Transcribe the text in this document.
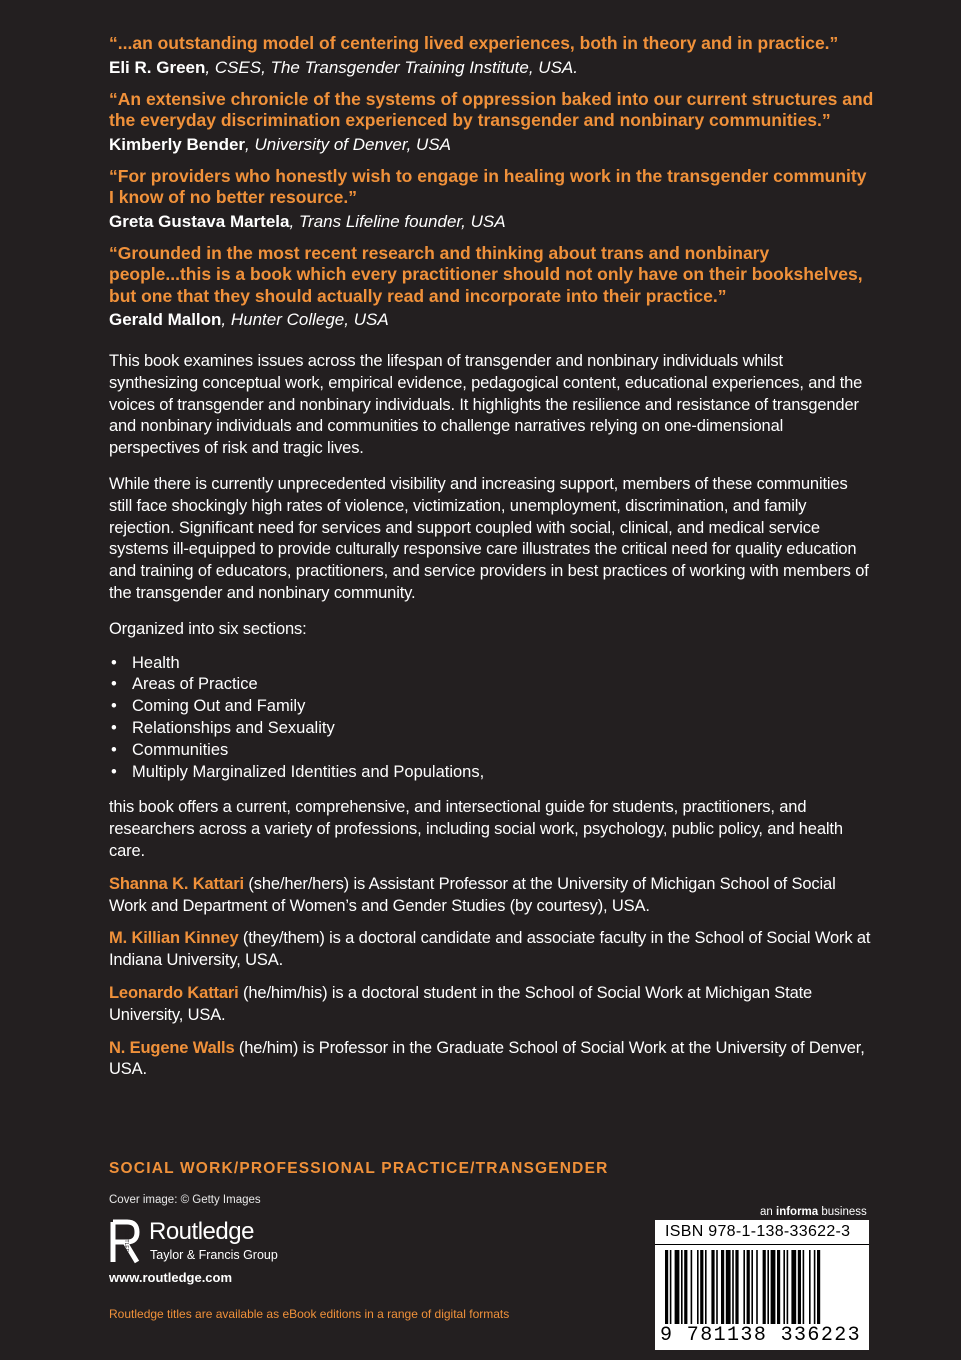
“...an outstanding model of centering lived experiences, both in theory and in practice.”

Eli R. Green, CSES, The Transgender Training Institute, USA.

“An extensive chronicle of the systems of oppression baked into our current structures and the everyday discrimination experienced by transgender and nonbinary communities.”

Kimberly Bender, University of Denver, USA

“For providers who honestly wish to engage in healing work in the transgender community I know of no better resource.”

Greta Gustava Martela, Trans Lifeline founder, USA

“Grounded in the most recent research and thinking about trans and nonbinary people...this is a book which every practitioner should not only have on their bookshelves, but one that they should actually read and incorporate into their practice.”

Gerald Mallon, Hunter College, USA

This book examines issues across the lifespan of transgender and nonbinary individuals whilst synthesizing conceptual work, empirical evidence, pedagogical content, educational experiences, and the voices of transgender and nonbinary individuals. It highlights the resilience and resistance of transgender and nonbinary individuals and communities to challenge narratives relying on one-dimensional perspectives of risk and tragic lives.

While there is currently unprecedented visibility and increasing support, members of these communities still face shockingly high rates of violence, victimization, unemployment, discrimination, and family rejection. Significant need for services and support coupled with social, clinical, and medical service systems ill-equipped to provide culturally responsive care illustrates the critical need for quality education and training of educators, practitioners, and service providers in best practices of working with members of the transgender and nonbinary community.

Organized into six sections:

• Health
• Areas of Practice
• Coming Out and Family
• Relationships and Sexuality
• Communities
• Multiply Marginalized Identities and Populations,

this book offers a current, comprehensive, and intersectional guide for students, practitioners, and researchers across a variety of professions, including social work, psychology, public policy, and health care.

Shanna K. Kattari (she/her/hers) is Assistant Professor at the University of Michigan School of Social Work and Department of Women’s and Gender Studies (by courtesy), USA.

M. Killian Kinney (they/them) is a doctoral candidate and associate faculty in the School of Social Work at Indiana University, USA.

Leonardo Kattari (he/him/his) is a doctoral student in the School of Social Work at Michigan State University, USA.

N. Eugene Walls (he/him) is Professor in the Graduate School of Social Work at the University of Denver, USA.

SOCIAL WORK/PROFESSIONAL PRACTICE/TRANSGENDER
Cover image: © Getty Images
ROUTLEDGE Routledge
Taylor & Francis Group
www.routledge.com
Routledge titles are available as eBook editions in a range of digital formats
an informa business
ISBN 978-1-138-33622-3
9 781138 336223
